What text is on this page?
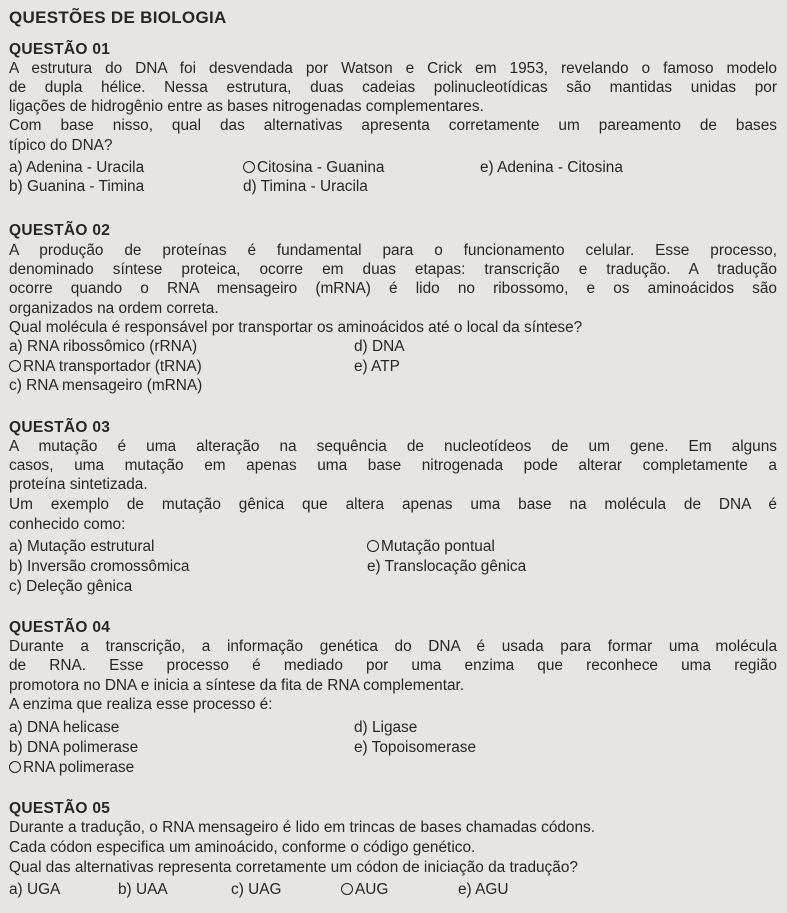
QUESTÕES DE BIOLOGIA
QUESTÃO 01
A estrutura do DNA foi desvendada por Watson e Crick em 1953, revelando o famoso modelo
de dupla hélice. Nessa estrutura, duas cadeias polinucleotídicas são mantidas unidas por
ligações de hidrogênio entre as bases nitrogenadas complementares.
Com base nisso, qual das alternativas apresenta corretamente um pareamento de bases
típico do DNA?
a) Adenina - Uracila	Citosina - Guanina	e) Adenina - Citosina
b) Guanina - Timina	d) Timina - Uracila
QUESTÃO 02
A produção de proteínas é fundamental para o funcionamento celular. Esse processo,
denominado síntese proteica, ocorre em duas etapas: transcrição e tradução. A tradução
ocorre quando o RNA mensageiro (mRNA) é lido no ribossomo, e os aminoácidos são
organizados na ordem correta.
Qual molécula é responsável por transportar os aminoácidos até o local da síntese?
a) RNA ribossômico (rRNA)	d) DNA
RNA transportador (tRNA)	e) ATP
c) RNA mensageiro (mRNA)
QUESTÃO 03
A mutação é uma alteração na sequência de nucleotídeos de um gene. Em alguns
casos, uma mutação em apenas uma base nitrogenada pode alterar completamente a
proteína sintetizada.
Um exemplo de mutação gênica que altera apenas uma base na molécula de DNA é
conhecido como:
a) Mutação estrutural	Mutação pontual
b) Inversão cromossômica	e) Translocação gênica
c) Deleção gênica
QUESTÃO 04
Durante a transcrição, a informação genética do DNA é usada para formar uma molécula
de RNA. Esse processo é mediado por uma enzima que reconhece uma região
promotora no DNA e inicia a síntese da fita de RNA complementar.
A enzima que realiza esse processo é:
a) DNA helicase	d) Ligase
b) DNA polimerase	e) Topoisomerase
RNA polimerase
QUESTÃO 05
Durante a tradução, o RNA mensageiro é lido em trincas de bases chamadas códons.
Cada códon especifica um aminoácido, conforme o código genético.
Qual das alternativas representa corretamente um códon de iniciação da tradução?
a) UGA	b) UAA	c) UAG	AUG	e) AGU
